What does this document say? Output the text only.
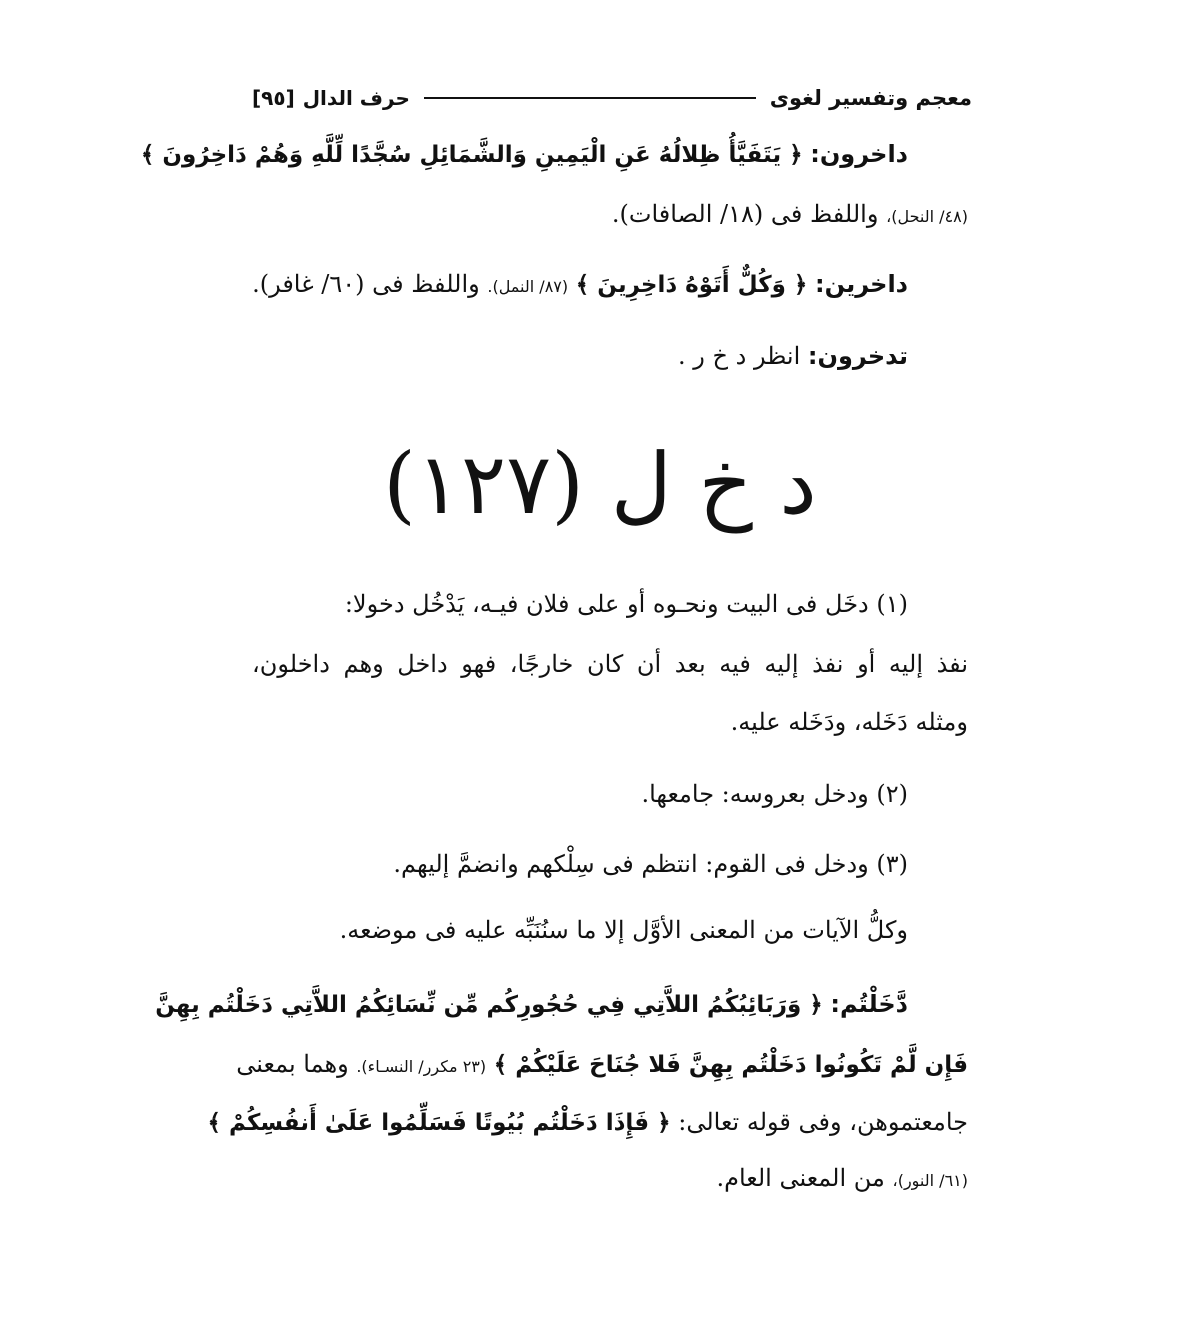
معجم وتفسير لغوى
حرف الدال
[٩٥]
داخرون: ﴿ يَتَفَيَّأُ ظِلالُهُ عَنِ الْيَمِينِ وَالشَّمَائِلِ سُجَّدًا لِّلَّهِ وَهُمْ دَاخِرُونَ ﴾
(٤٨/ النحل)، واللفظ فى (١٨/ الصافات).
داخرين: ﴿ وَكُلٌّ أَتَوْهُ دَاخِرِينَ ﴾ (٨٧/ النمل). واللفظ فى (٦٠/ غافر).
تدخرون: انظر د خ ر .
د خ ل (١٢٧)
(١) دخَل فى البيت ونحـوه أو على فلان فيـه، يَدْخُل دخولا:
نفذ إليه أو نفذ إليه فيه بعد أن كان خارجًا، فهو داخل وهم داخلون،
ومثله دَخَله، ودَخَله عليه.
(٢) ودخل بعروسه: جامعها.
(٣) ودخل فى القوم: انتظم فى سِلْكهم وانضمَّ إليهم.
وكلُّ الآيات من المعنى الأوَّل إلا ما سنُنَبِّه عليه فى موضعه.
دَّخَلْتُم: ﴿ وَرَبَائِبُكُمُ اللاَّتِي فِي حُجُورِكُم مِّن نِّسَائِكُمُ اللاَّتِي دَخَلْتُم بِهِنَّ
فَإِن لَّمْ تَكُونُوا دَخَلْتُم بِهِنَّ فَلا جُنَاحَ عَلَيْكُمْ ﴾ (٢٣ مكرر/ النسـاء). وهما بمعنى
جامعتموهن، وفى قوله تعالى: ﴿ فَإِذَا دَخَلْتُم بُيُوتًا فَسَلِّمُوا عَلَىٰ أَنفُسِكُمْ ﴾
(٦١/ النور)، من المعنى العام.
